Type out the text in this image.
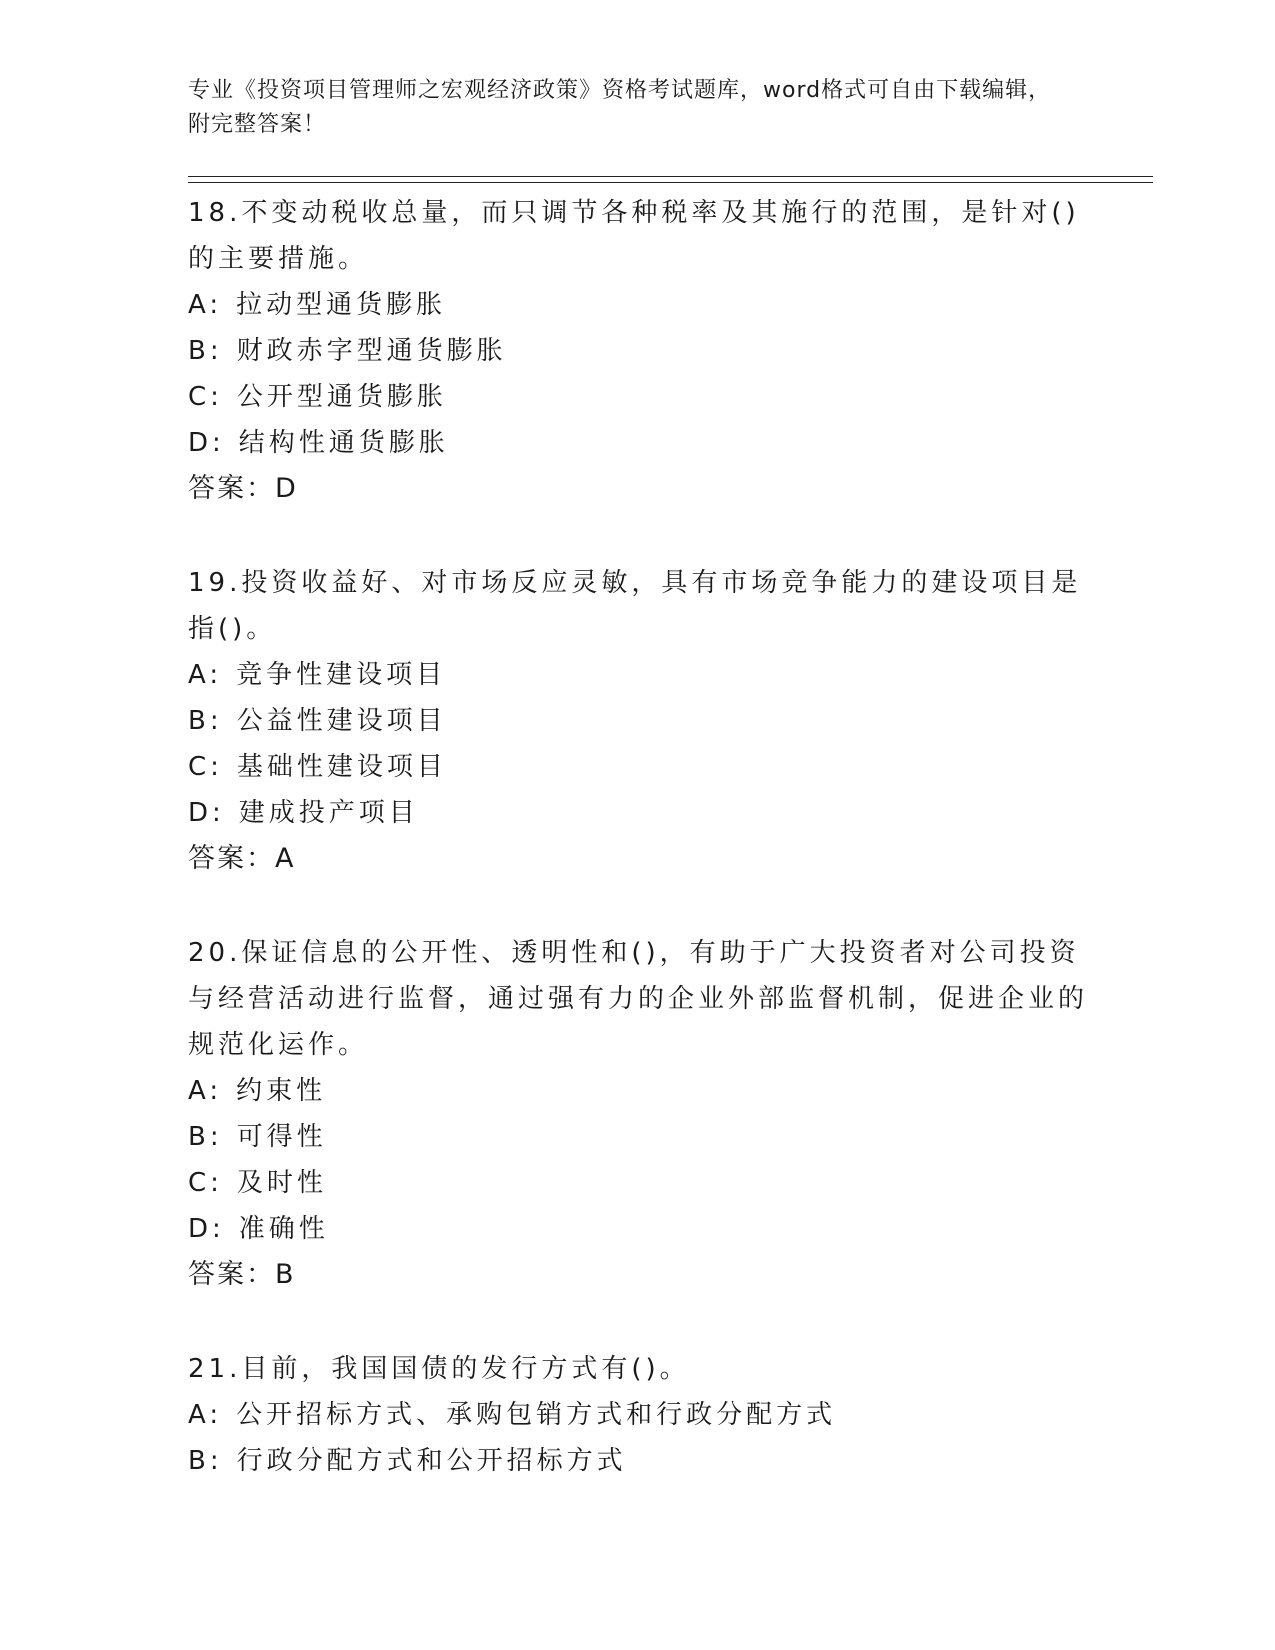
专业《投资项目管理师之宏观经济政策》资格考试题库，word格式可自由下载编辑，附完整答案！
18.不变动税收总量，而只调节各种税率及其施行的范围，是针对()的主要措施。
A: 拉动型通货膨胀
B: 财政赤字型通货膨胀
C: 公开型通货膨胀
D: 结构性通货膨胀
答案：D
19.投资收益好、对市场反应灵敏，具有市场竞争能力的建设项目是指()。
A: 竞争性建设项目
B: 公益性建设项目
C: 基础性建设项目
D: 建成投产项目
答案：A
20.保证信息的公开性、透明性和()，有助于广大投资者对公司投资与经营活动进行监督，通过强有力的企业外部监督机制，促进企业的规范化运作。
A: 约束性
B: 可得性
C: 及时性
D: 准确性
答案：B
21.目前，我国国债的发行方式有()。
A: 公开招标方式、承购包销方式和行政分配方式
B: 行政分配方式和公开招标方式
